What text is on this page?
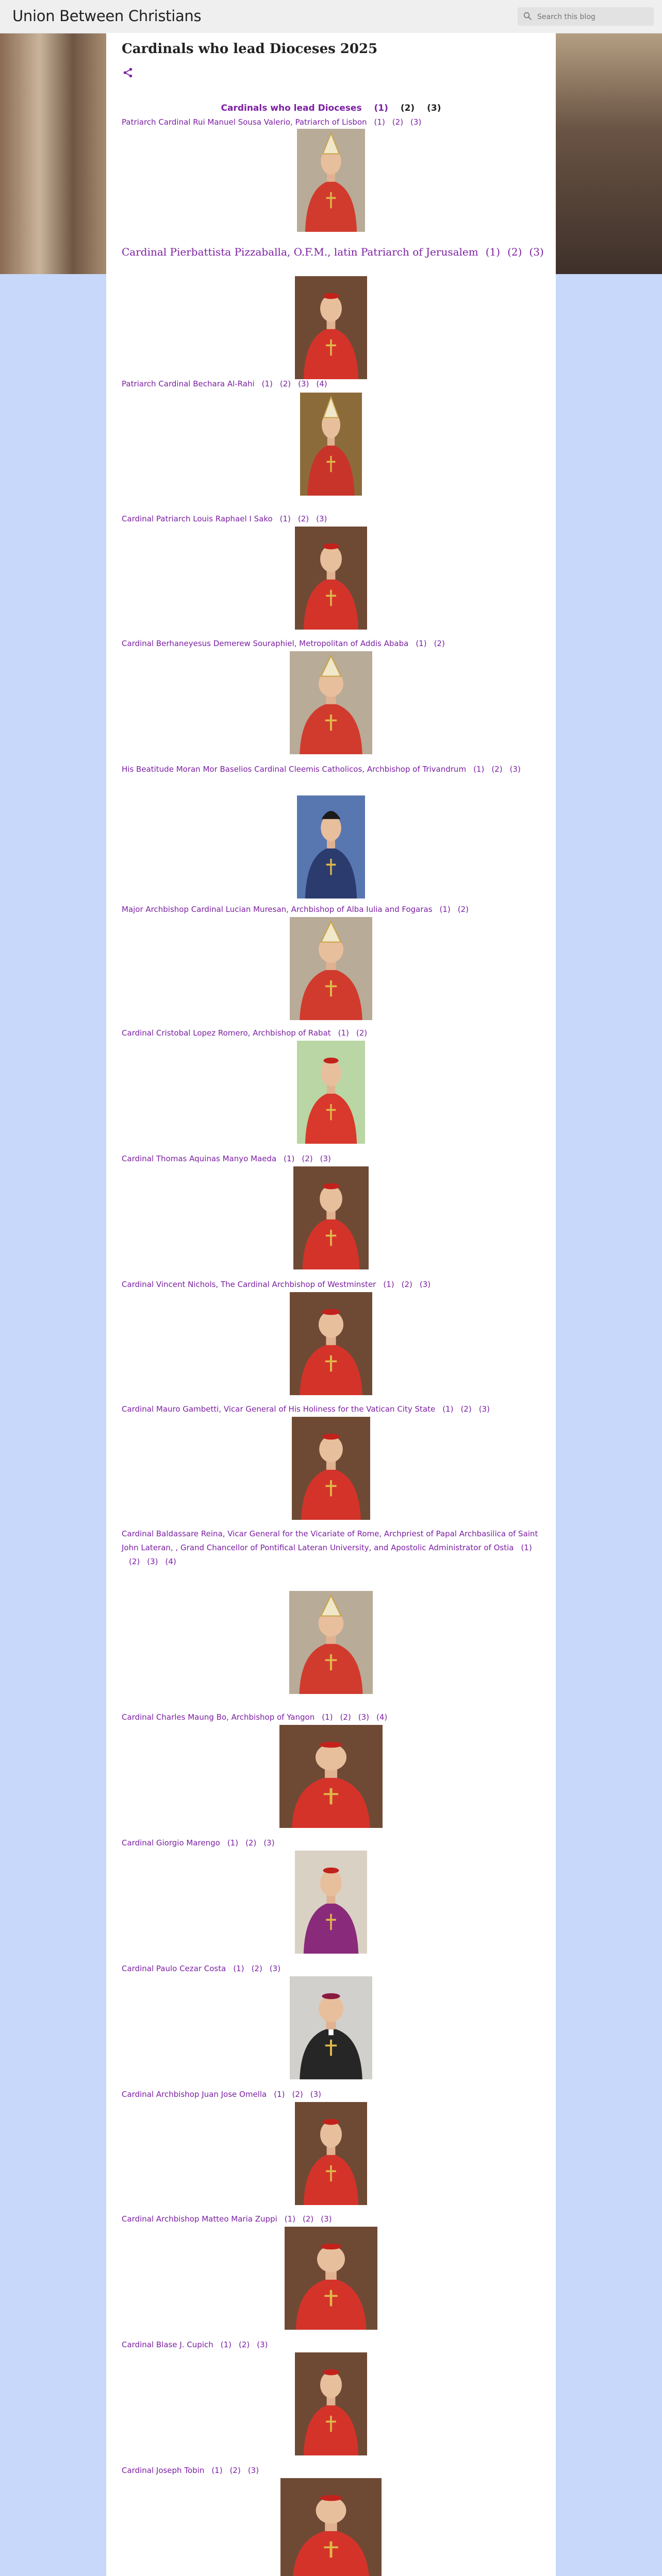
Union Between Christians
Search this blog
Cardinals who lead Dioceses 2025
Cardinals who lead Dioceses (1) (2) (3)
Patriarch Cardinal Rui Manuel Sousa Valerio, Patriarch of Lisbon (1) (2) (3)
Cardinal Pierbattista Pizzaballa, O.F.M., latin Patriarch of Jerusalem (1) (2) (3)
Patriarch Cardinal Bechara Al-Rahi (1) (2) (3) (4)
Cardinal Patriarch Louis Raphael I Sako (1) (2) (3)
Cardinal Berhaneyesus Demerew Souraphiel, Metropolitan of Addis Ababa (1) (2)
His Beatitude Moran Mor Baselios Cardinal Cleemis Catholicos, Archbishop of Trivandrum (1) (2) (3)
Major Archbishop Cardinal Lucian Muresan, Archbishop of Alba Iulia and Fogaras (1) (2)
Cardinal Cristobal Lopez Romero, Archbishop of Rabat (1) (2)
Cardinal Thomas Aquinas Manyo Maeda (1) (2) (3)
Cardinal Vincent Nichols, The Cardinal Archbishop of Westminster (1) (2) (3)
Cardinal Mauro Gambetti, Vicar General of His Holiness for the Vatican City State (1) (2) (3)
Cardinal Baldassare Reina, Vicar General for the Vicariate of Rome, Archpriest of Papal Archbasilica of Saint John Lateran, , Grand Chancellor of Pontifical Lateran University, and Apostolic Administrator of Ostia (1)(2) (3) (4)
Cardinal Charles Maung Bo, Archbishop of Yangon (1) (2) (3) (4)
Cardinal Giorgio Marengo (1) (2) (3)
Cardinal Paulo Cezar Costa (1) (2) (3)
Cardinal Archbishop Juan Jose Omella (1) (2) (3)
Cardinal Archbishop Matteo Maria Zuppi (1) (2) (3)
Cardinal Blase J. Cupich (1) (2) (3)
Cardinal Joseph Tobin (1) (2) (3)
